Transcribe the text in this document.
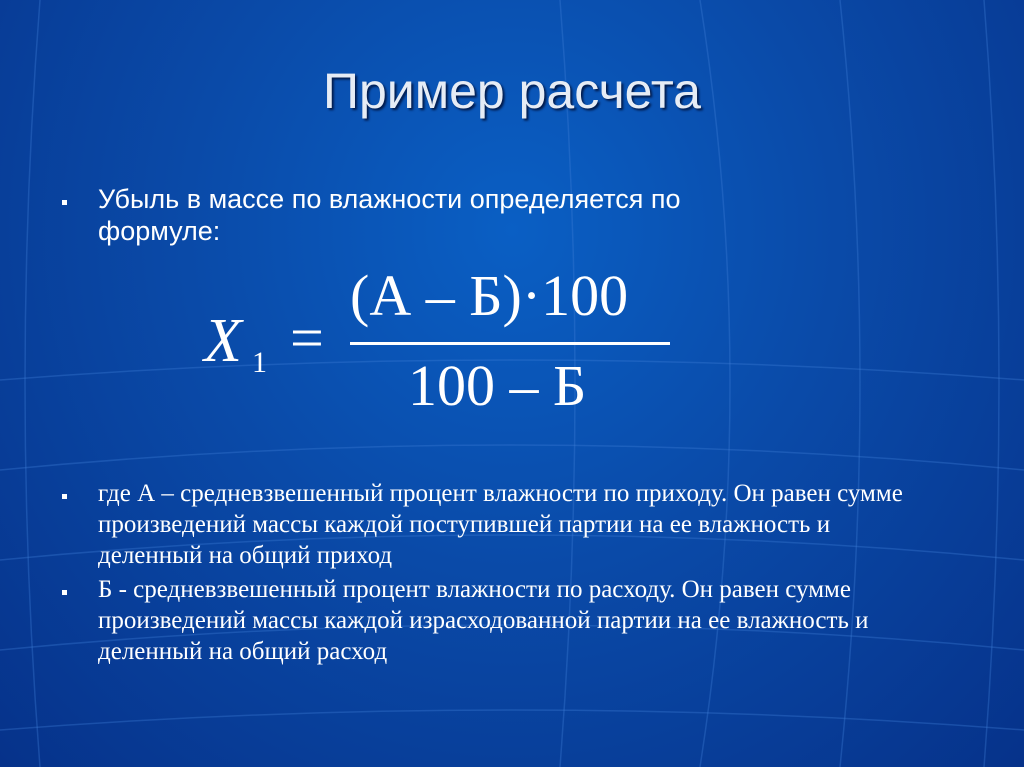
Пример расчета
Убыль в массе по влажности определяется по формуле:
X 1 =
(А – Б)·100
100 – Б
где А – средневзвешенный процент влажности по приходу. Он равен сумме произведений массы каждой поступившей партии на ее влажность и деленный на общий приход
Б - средневзвешенный процент влажности по расходу. Он равен сумме произведений массы каждой израсходованной партии на ее влажность и деленный на общий расход
